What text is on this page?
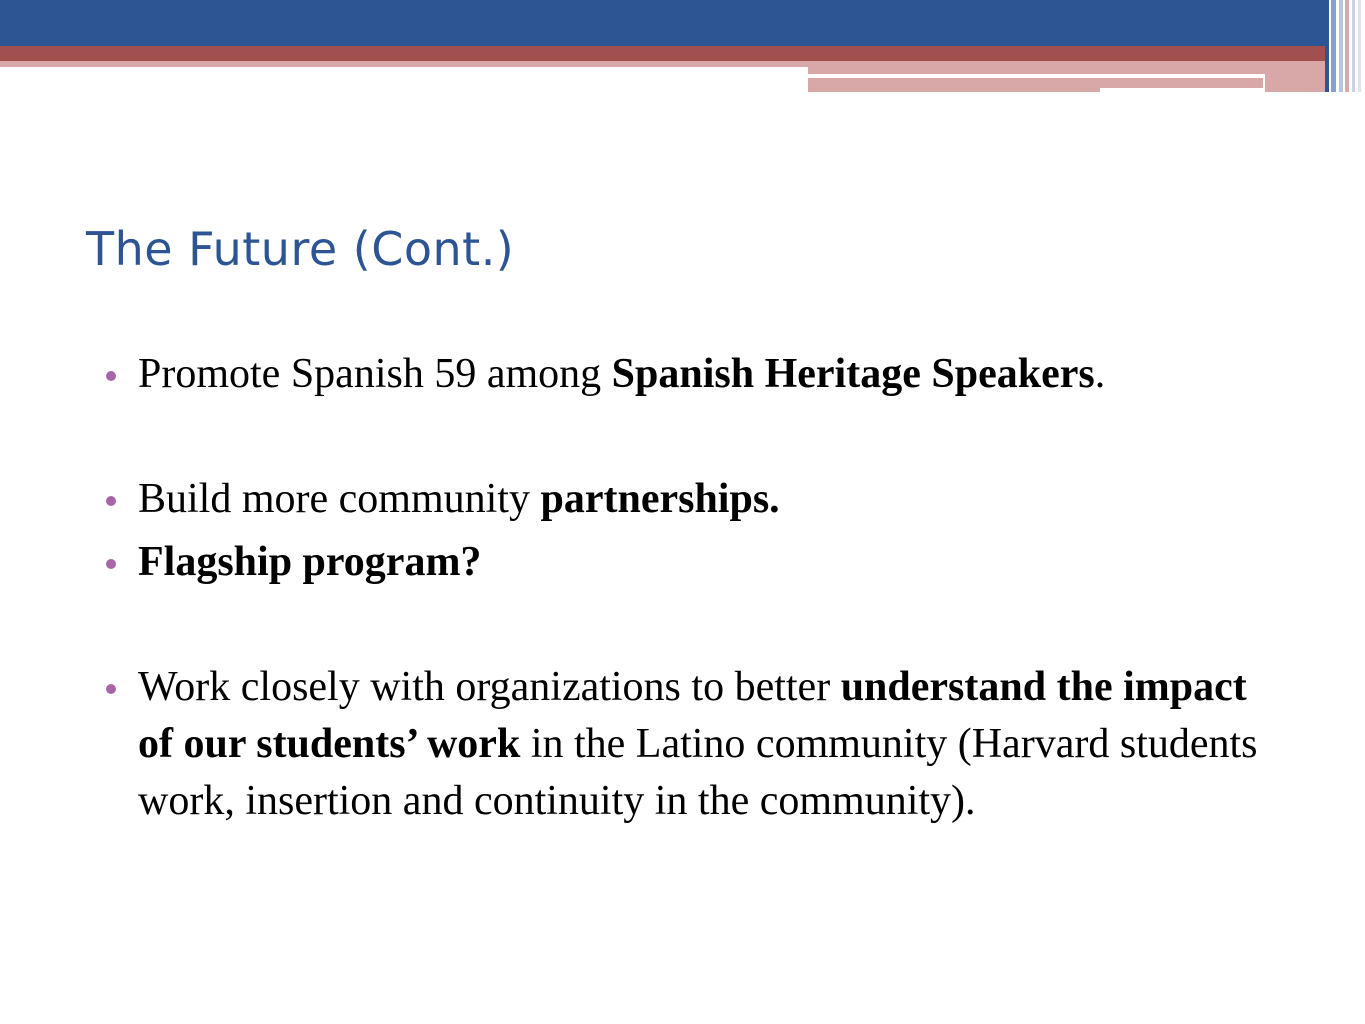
The Future (Cont.)
Promote Spanish 59 among Spanish Heritage Speakers.
Build more community partnerships.
Flagship program?
Work closely with organizations to better understand the impact of our students’ work in the Latino community (Harvard students work, insertion and continuity in the community).
